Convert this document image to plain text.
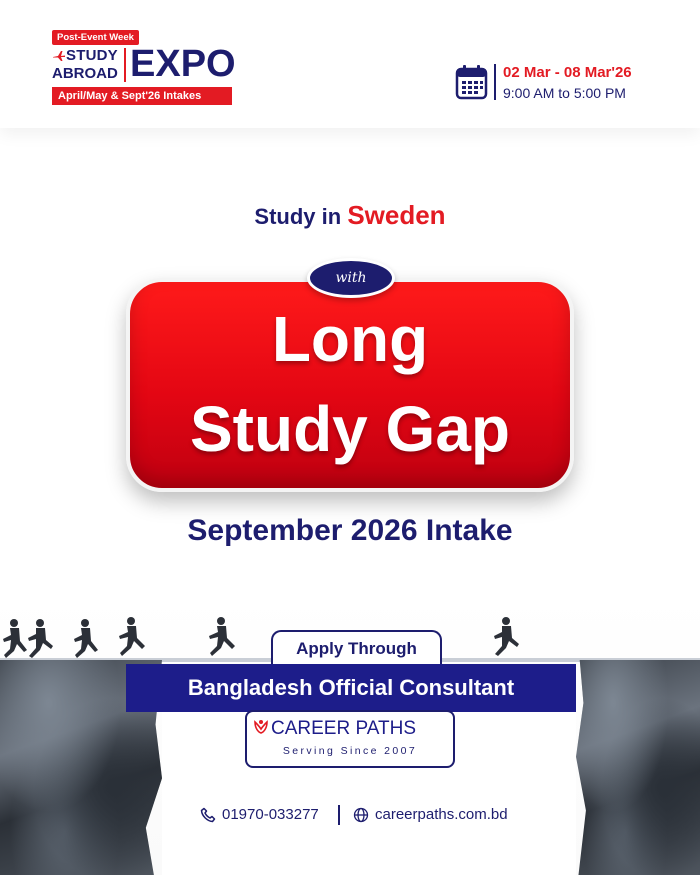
Post-Event Week
STUDY
ABROAD EXPO
April/May & Sept'26 Intakes
02 Mar - 08 Mar'26
9:00 AM to 5:00 PM
Study in Sweden
with
Long
Study Gap
September 2026 Intake
Apply Through
Bangladesh Official Consultant
CAREER PATHS
Serving Since 2007
01970-033277	careerpaths.com.bd
